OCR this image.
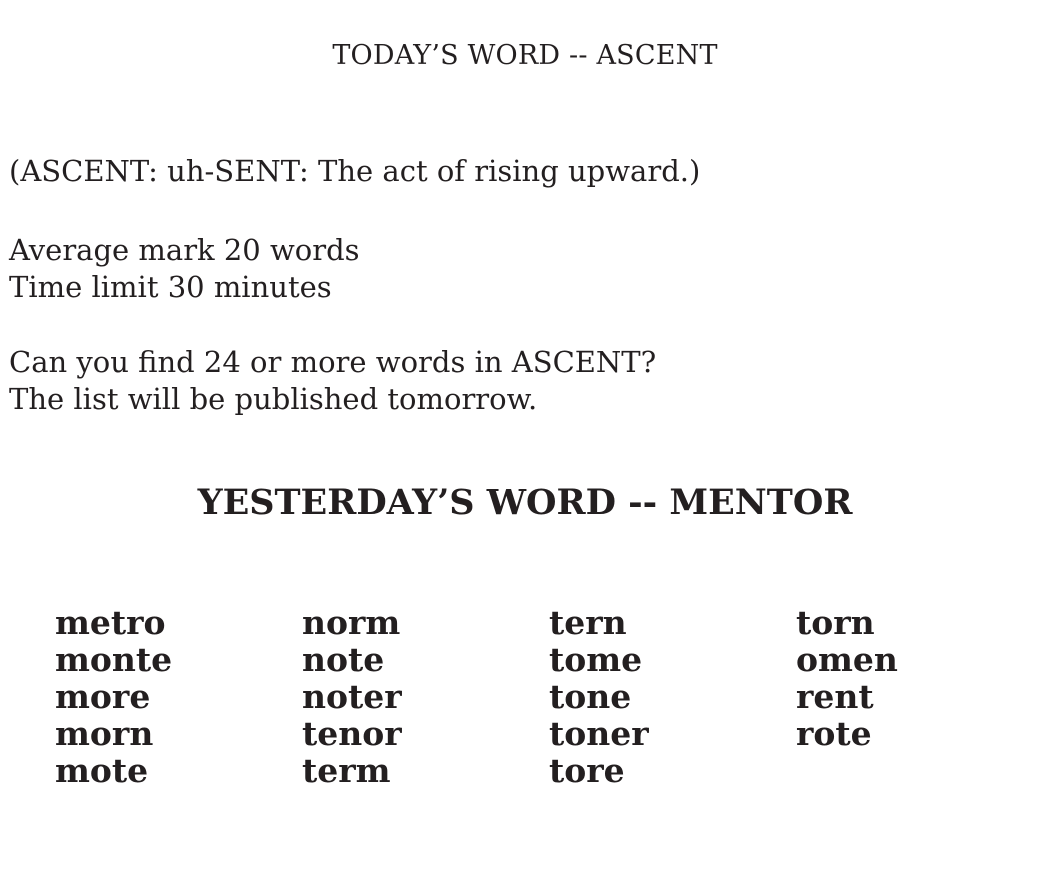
TODAY’S WORD -- ASCENT
(ASCENT: uh-SENT: The act of rising upward.)
Average mark 20 words
Time limit 30 minutes
Can you find 24 or more words in ASCENT?
The list will be published tomorrow.
YESTERDAY’S WORD -- MENTOR
metro
monte
more
morn
mote
norm
note
noter
tenor
term
tern
tome
tone
toner
tore
torn
omen
rent
rote
